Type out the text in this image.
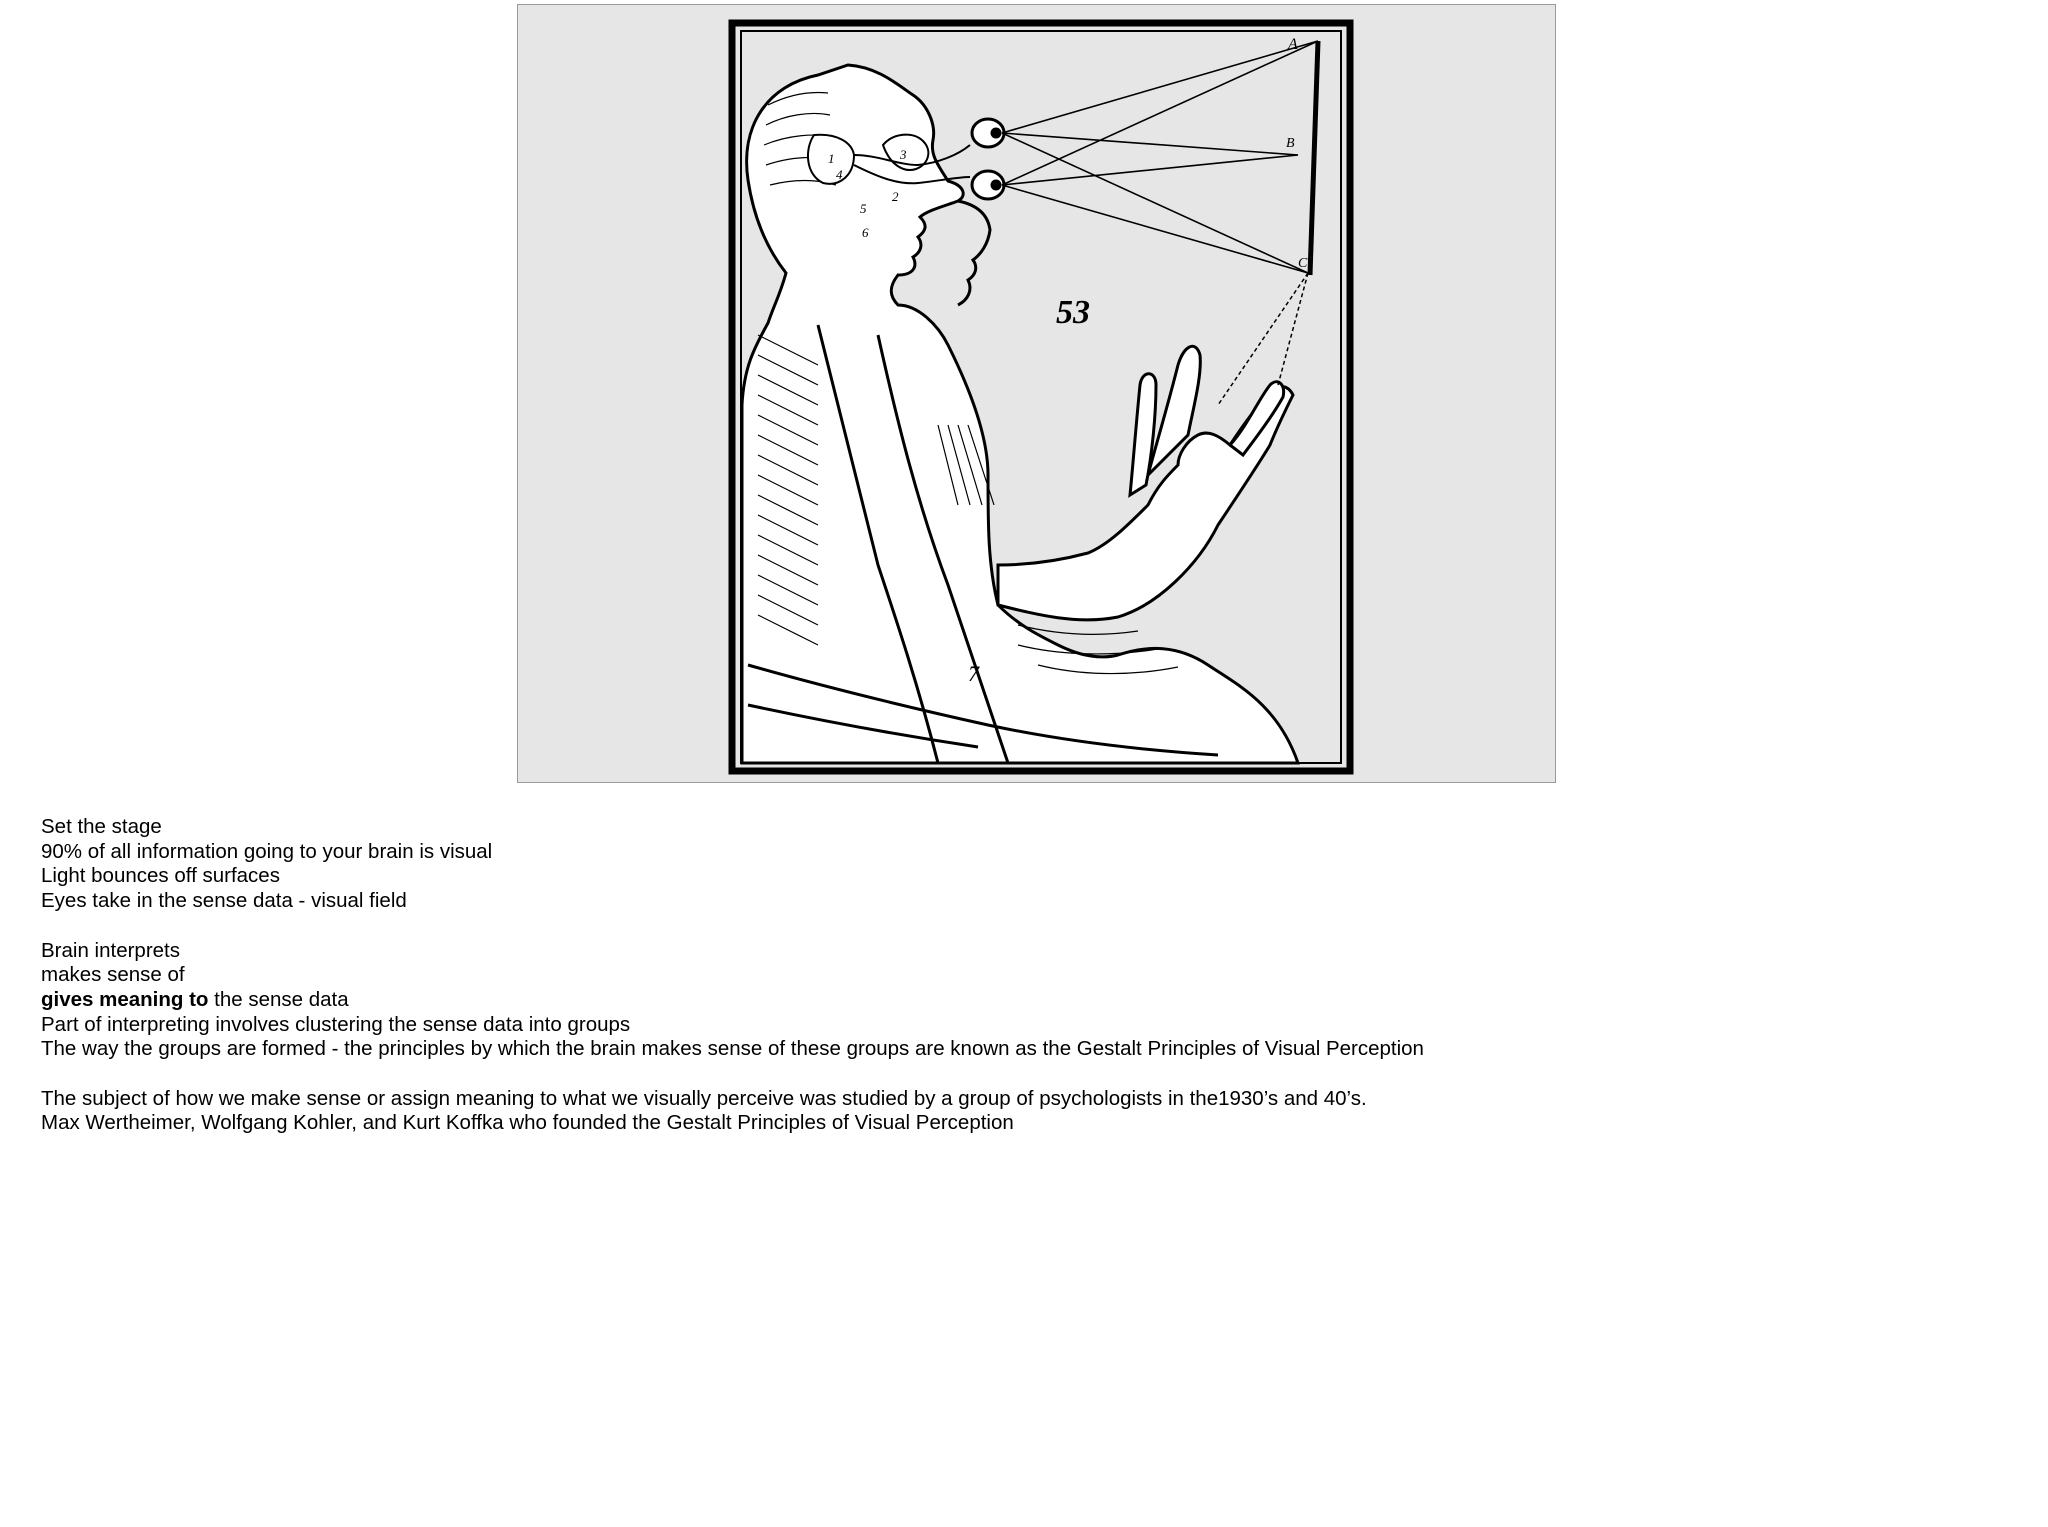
A
B
C
1
2
3
4
5
6
7
53
Set the stage
90% of all information going to your brain is visual
Light bounces off surfaces
Eyes take in the sense data - visual field
Brain interprets
makes sense of
gives meaning to the sense data
Part of interpreting involves clustering the sense data into groups
The way the groups are formed - the principles by which the brain makes sense of these groups are known as the Gestalt Principles of Visual Perception
The subject of how we make sense or assign meaning to what we visually perceive was studied by a group of psychologists in the1930’s and 40’s.
Max Wertheimer, Wolfgang Kohler, and Kurt Koffka who founded the Gestalt Principles of Visual Perception
